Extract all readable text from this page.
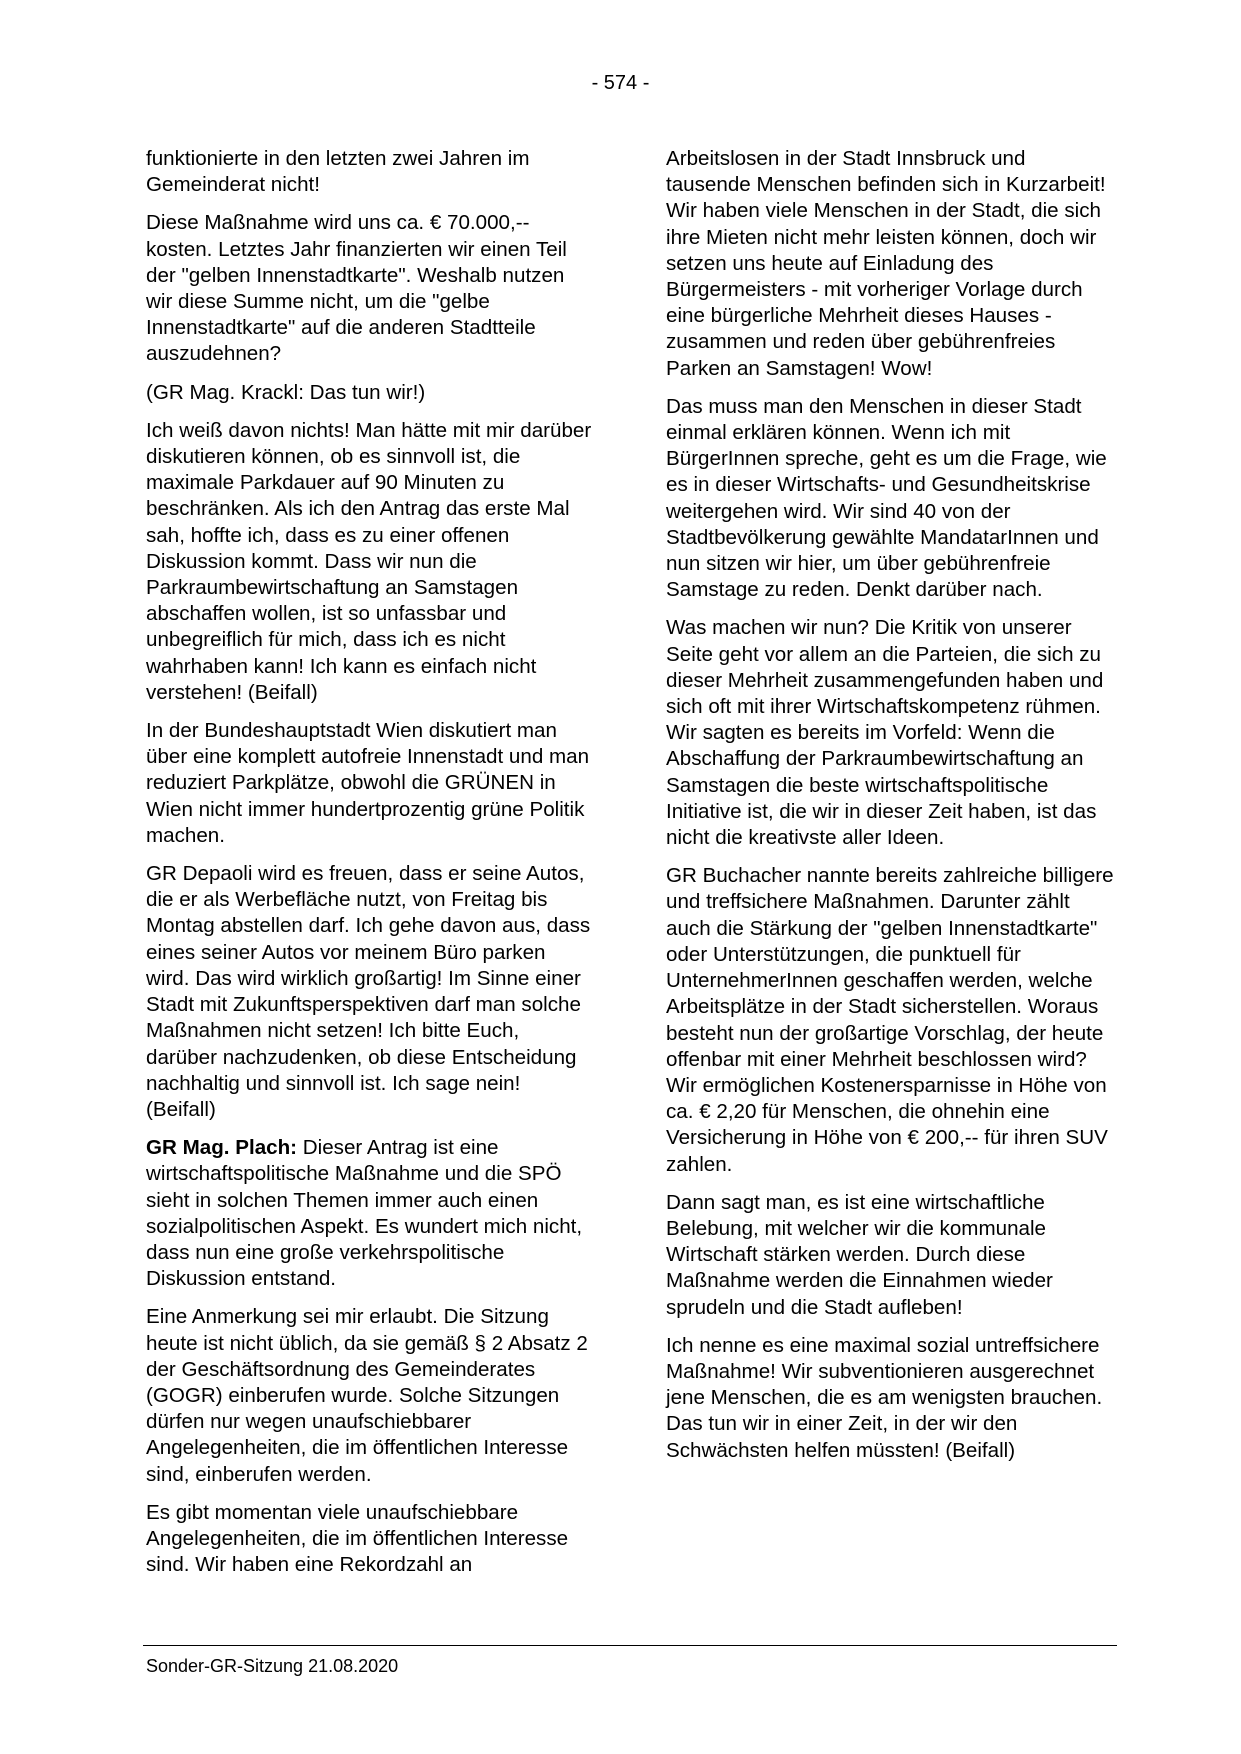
- 574 -

funktionierte in den letzten zwei Jahren im Gemeinderat nicht!

Diese Maßnahme wird uns ca. € 70.000,-- kosten. Letztes Jahr finanzierten wir einen Teil der "gelben Innenstadtkarte". Weshalb nutzen wir diese Summe nicht, um die "gelbe Innenstadtkarte" auf die anderen Stadtteile auszudehnen?

(GR Mag. Krackl: Das tun wir!)

Ich weiß davon nichts! Man hätte mit mir darüber diskutieren können, ob es sinnvoll ist, die maximale Parkdauer auf 90 Minuten zu beschränken. Als ich den Antrag das erste Mal sah, hoffte ich, dass es zu einer offenen Diskussion kommt. Dass wir nun die Parkraumbewirtschaftung an Samstagen abschaffen wollen, ist so unfassbar und unbegreiflich für mich, dass ich es nicht wahrhaben kann! Ich kann es einfach nicht verstehen! (Beifall)

In der Bundeshauptstadt Wien diskutiert man über eine komplett autofreie Innenstadt und man reduziert Parkplätze, obwohl die GRÜNEN in Wien nicht immer hundertprozentig grüne Politik machen.

GR Depaoli wird es freuen, dass er seine Autos, die er als Werbefläche nutzt, von Freitag bis Montag abstellen darf. Ich gehe davon aus, dass eines seiner Autos vor meinem Büro parken wird. Das wird wirklich großartig! Im Sinne einer Stadt mit Zukunftsperspektiven darf man solche Maßnahmen nicht setzen! Ich bitte Euch, darüber nachzudenken, ob diese Entscheidung nachhaltig und sinnvoll ist. Ich sage nein! (Beifall)

GR Mag. Plach: Dieser Antrag ist eine wirtschaftspolitische Maßnahme und die SPÖ sieht in solchen Themen immer auch einen sozialpolitischen Aspekt. Es wundert mich nicht, dass nun eine große verkehrspolitische Diskussion entstand.

Eine Anmerkung sei mir erlaubt. Die Sitzung heute ist nicht üblich, da sie gemäß § 2 Absatz 2 der Geschäftsordnung des Gemeinderates (GOGR) einberufen wurde. Solche Sitzungen dürfen nur wegen unaufschiebbarer Angelegenheiten, die im öffentlichen Interesse sind, einberufen werden.

Es gibt momentan viele unaufschiebbare Angelegenheiten, die im öffentlichen Interesse sind. Wir haben eine Rekordzahl an

Arbeitslosen in der Stadt Innsbruck und tausende Menschen befinden sich in Kurzarbeit! Wir haben viele Menschen in der Stadt, die sich ihre Mieten nicht mehr leisten können, doch wir setzen uns heute auf Einladung des Bürgermeisters - mit vorheriger Vorlage durch eine bürgerliche Mehrheit dieses Hauses - zusammen und reden über gebührenfreies Parken an Samstagen! Wow!

Das muss man den Menschen in dieser Stadt einmal erklären können. Wenn ich mit BürgerInnen spreche, geht es um die Frage, wie es in dieser Wirtschafts- und Gesundheitskrise weitergehen wird. Wir sind 40 von der Stadtbevölkerung gewählte MandatarInnen und nun sitzen wir hier, um über gebührenfreie Samstage zu reden. Denkt darüber nach.

Was machen wir nun? Die Kritik von unserer Seite geht vor allem an die Parteien, die sich zu dieser Mehrheit zusammengefunden haben und sich oft mit ihrer Wirtschaftskompetenz rühmen. Wir sagten es bereits im Vorfeld: Wenn die Abschaffung der Parkraumbewirtschaftung an Samstagen die beste wirtschaftspolitische Initiative ist, die wir in dieser Zeit haben, ist das nicht die kreativste aller Ideen.

GR Buchacher nannte bereits zahlreiche billigere und treffsichere Maßnahmen. Darunter zählt auch die Stärkung der "gelben Innenstadtkarte" oder Unterstützungen, die punktuell für UnternehmerInnen geschaffen werden, welche Arbeitsplätze in der Stadt sicherstellen. Woraus besteht nun der großartige Vorschlag, der heute offenbar mit einer Mehrheit beschlossen wird? Wir ermöglichen Kostenersparnisse in Höhe von ca. € 2,20 für Menschen, die ohnehin eine Versicherung in Höhe von € 200,-- für ihren SUV zahlen.

Dann sagt man, es ist eine wirtschaftliche Belebung, mit welcher wir die kommunale Wirtschaft stärken werden. Durch diese Maßnahme werden die Einnahmen wieder sprudeln und die Stadt aufleben!

Ich nenne es eine maximal sozial untreffsichere Maßnahme! Wir subventionieren ausgerechnet jene Menschen, die es am wenigsten brauchen. Das tun wir in einer Zeit, in der wir den Schwächsten helfen müssten! (Beifall)

Sonder-GR-Sitzung 21.08.2020
